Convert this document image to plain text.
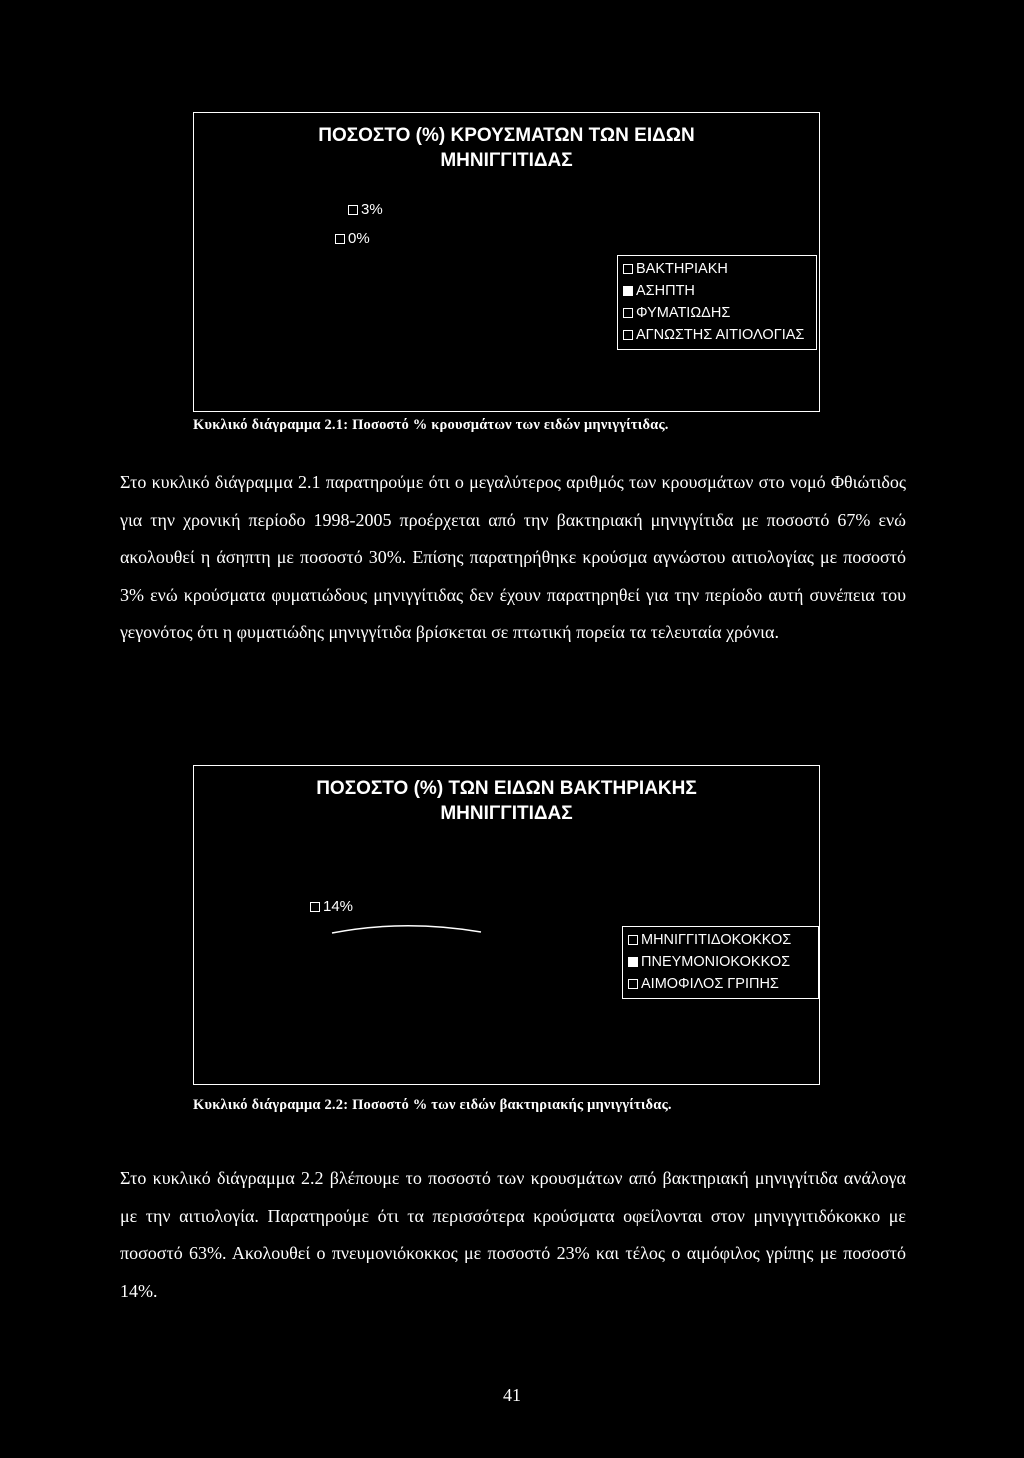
ΠΟΣΟΣΤΟ (%) ΚΡΟΥΣΜΑΤΩΝ ΤΩΝ ΕΙΔΩΝ
ΜΗΝΙΓΓΙΤΙΔΑΣ
3%
0%
ΒΑΚΤΗΡΙΑΚΗ
ΑΣΗΠΤΗ
ΦΥΜΑΤΙΩΔΗΣ
ΑΓΝΩΣΤΗΣ ΑΙΤΙΟΛΟΓΙΑΣ
Κυκλικό διάγραμμα 2.1: Ποσοστό % κρουσμάτων των ειδών μηνιγγίτιδας.
Στο κυκλικό διάγραμμα 2.1 παρατηρούμε ότι ο μεγαλύτερος αριθμός των κρουσμάτων στο νομό Φθιώτιδος για την χρονική περίοδο 1998-2005 προέρχεται από την βακτηριακή μηνιγγίτιδα με ποσοστό 67% ενώ ακολουθεί η άσηπτη με ποσοστό 30%. Επίσης παρατηρήθηκε κρούσμα αγνώστου αιτιολογίας με ποσοστό 3% ενώ κρούσματα φυματιώδους μηνιγγίτιδας δεν έχουν παρατηρηθεί για την περίοδο αυτή συνέπεια του γεγονότος ότι η φυματιώδης μηνιγγίτιδα βρίσκεται σε πτωτική πορεία τα τελευταία χρόνια.
ΠΟΣΟΣΤΟ (%) ΤΩΝ ΕΙΔΩΝ ΒΑΚΤΗΡΙΑΚΗΣ
ΜΗΝΙΓΓΙΤΙΔΑΣ
14%
ΜΗΝΙΓΓΙΤΙΔΟΚΟΚΚΟΣ
ΠΝΕΥΜΟΝΙΟΚΟΚΚΟΣ
ΑΙΜΟΦΙΛΟΣ ΓΡΙΠΗΣ
Κυκλικό διάγραμμα 2.2: Ποσοστό % των ειδών βακτηριακής μηνιγγίτιδας.
Στο κυκλικό διάγραμμα 2.2 βλέπουμε το ποσοστό των κρουσμάτων από βακτηριακή μηνιγγίτιδα ανάλογα με την αιτιολογία. Παρατηρούμε ότι τα περισσότερα κρούσματα οφείλονται στον μηνιγγιτιδόκοκκο με ποσοστό 63%. Ακολουθεί ο πνευμονιόκοκκος με ποσοστό 23% και τέλος ο αιμόφιλος γρίπης με ποσοστό 14%.
41
